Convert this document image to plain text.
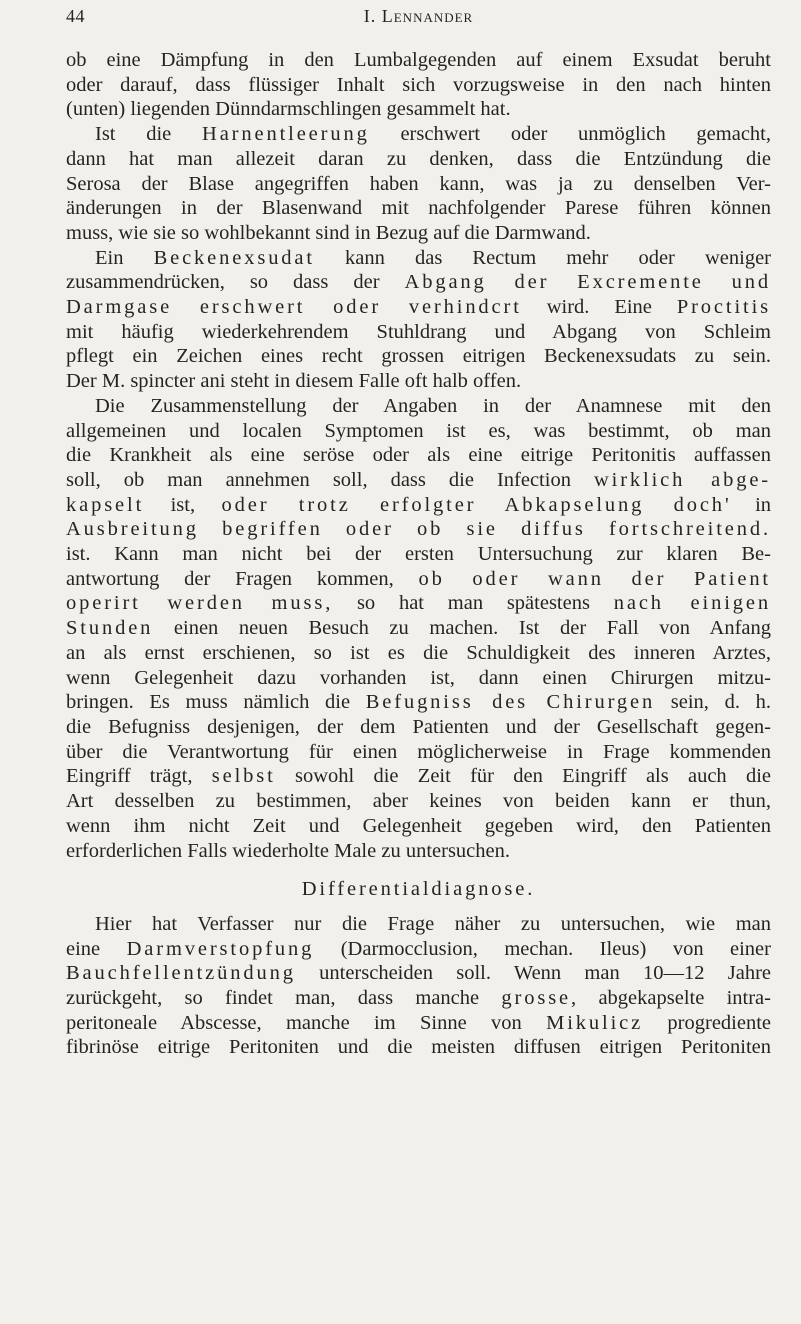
44	I. Lennander
ob eine Dämpfung in den Lumbalgegenden auf einem Exsudat beruht
oder darauf, dass flüssiger Inhalt sich vorzugsweise in den nach hinten
(unten) liegenden Dünndarmschlingen gesammelt hat.
Ist die Harnentleerung erschwert oder unmöglich gemacht,
dann hat man allezeit daran zu denken, dass die Entzündung die
Serosa der Blase angegriffen haben kann, was ja zu denselben Ver-
änderungen in der Blasenwand mit nachfolgender Parese führen können
muss, wie sie so wohlbekannt sind in Bezug auf die Darmwand.
Ein Beckenexsudat kann das Rectum mehr oder weniger
zusammendrücken, so dass der Abgang der Excremente und
Darmgase erschwert oder verhindcrt wird. Eine Proctitis
mit häufig wiederkehrendem Stuhldrang und Abgang von Schleim
pflegt ein Zeichen eines recht grossen eitrigen Beckenexsudats zu sein.
Der M. spincter ani steht in diesem Falle oft halb offen.
Die Zusammenstellung der Angaben in der Anamnese mit den
allgemeinen und localen Symptomen ist es, was bestimmt, ob man
die Krankheit als eine seröse oder als eine eitrige Peritonitis auffassen
soll, ob man annehmen soll, dass die Infection wirklich abge-
kapselt ist, oder trotz erfolgter Abkapselung doch' in
Ausbreitung begriffen oder ob sie diffus fortschreitend.
ist. Kann man nicht bei der ersten Untersuchung zur klaren Be-
antwortung der Fragen kommen, ob oder wann der Patient
operirt werden muss, so hat man spätestens nach einigen
Stunden einen neuen Besuch zu machen. Ist der Fall von Anfang
an als ernst erschienen, so ist es die Schuldigkeit des inneren Arztes,
wenn Gelegenheit dazu vorhanden ist, dann einen Chirurgen mitzu-
bringen. Es muss nämlich die Befugniss des Chirurgen sein, d. h.
die Befugniss desjenigen, der dem Patienten und der Gesellschaft gegen-
über die Verantwortung für einen möglicherweise in Frage kommenden
Eingriff trägt, selbst sowohl die Zeit für den Eingriff als auch die
Art desselben zu bestimmen, aber keines von beiden kann er thun,
wenn ihm nicht Zeit und Gelegenheit gegeben wird, den Patienten
erforderlichen Falls wiederholte Male zu untersuchen.
Differentialdiagnose.
Hier hat Verfasser nur die Frage näher zu untersuchen, wie man
eine Darmverstopfung (Darmocclusion, mechan. Ileus) von einer
Bauchfellentzündung unterscheiden soll. Wenn man 10—12 Jahre
zurückgeht, so findet man, dass manche grosse, abgekapselte intra-
peritoneale Abscesse, manche im Sinne von Mikulicz progrediente
fibrinöse eitrige Peritoniten und die meisten diffusen eitrigen Peritoniten
